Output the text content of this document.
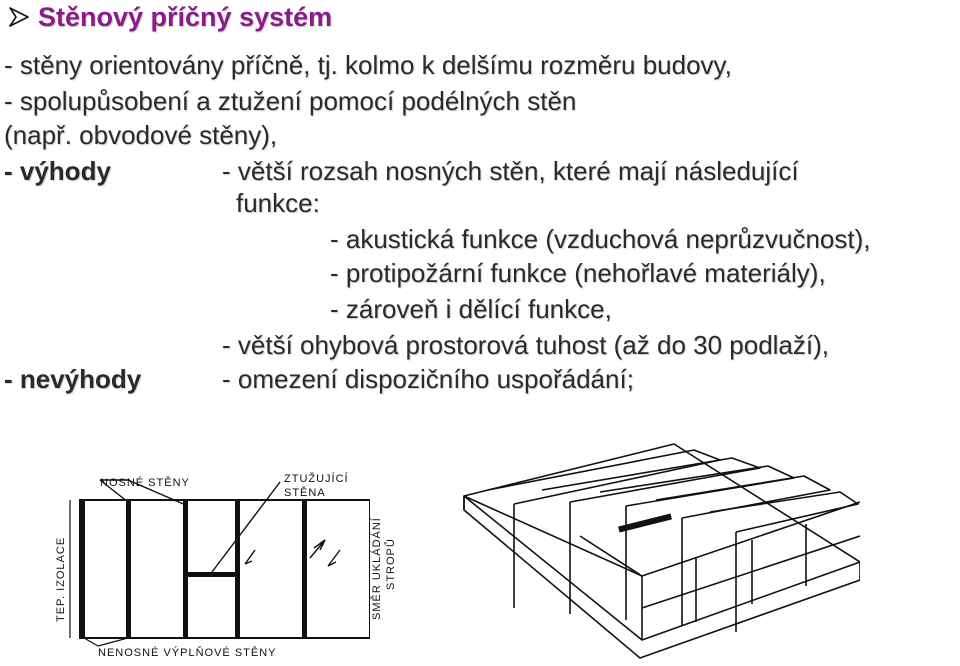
Stěnový příčný systém
- stěny orientovány příčně, tj. kolmo k delšímu rozměru budovy,
- spolupůsobení a ztužení pomocí podélných stěn
(např. obvodové stěny),
- výhody	- větší rozsah nosných stěn, které mají následující
funkce:
- akustická funkce (vzduchová neprůzvučnost),
- protipožární funkce (nehořlavé materiály),
- zároveň i dělící funkce,
- větší ohybová prostorová tuhost (až do 30 podlaží),
- nevýhody	- omezení dispozičního uspořádání;
NOSNÉ STĚNY	ZTUŽUJÍCÍ
STĚNA
TEP. IZOLACE
NENOSNÉ VÝPLŇOVÉ STĚNY
SMĚR UKLÁDÁNÍ STROPŮ
